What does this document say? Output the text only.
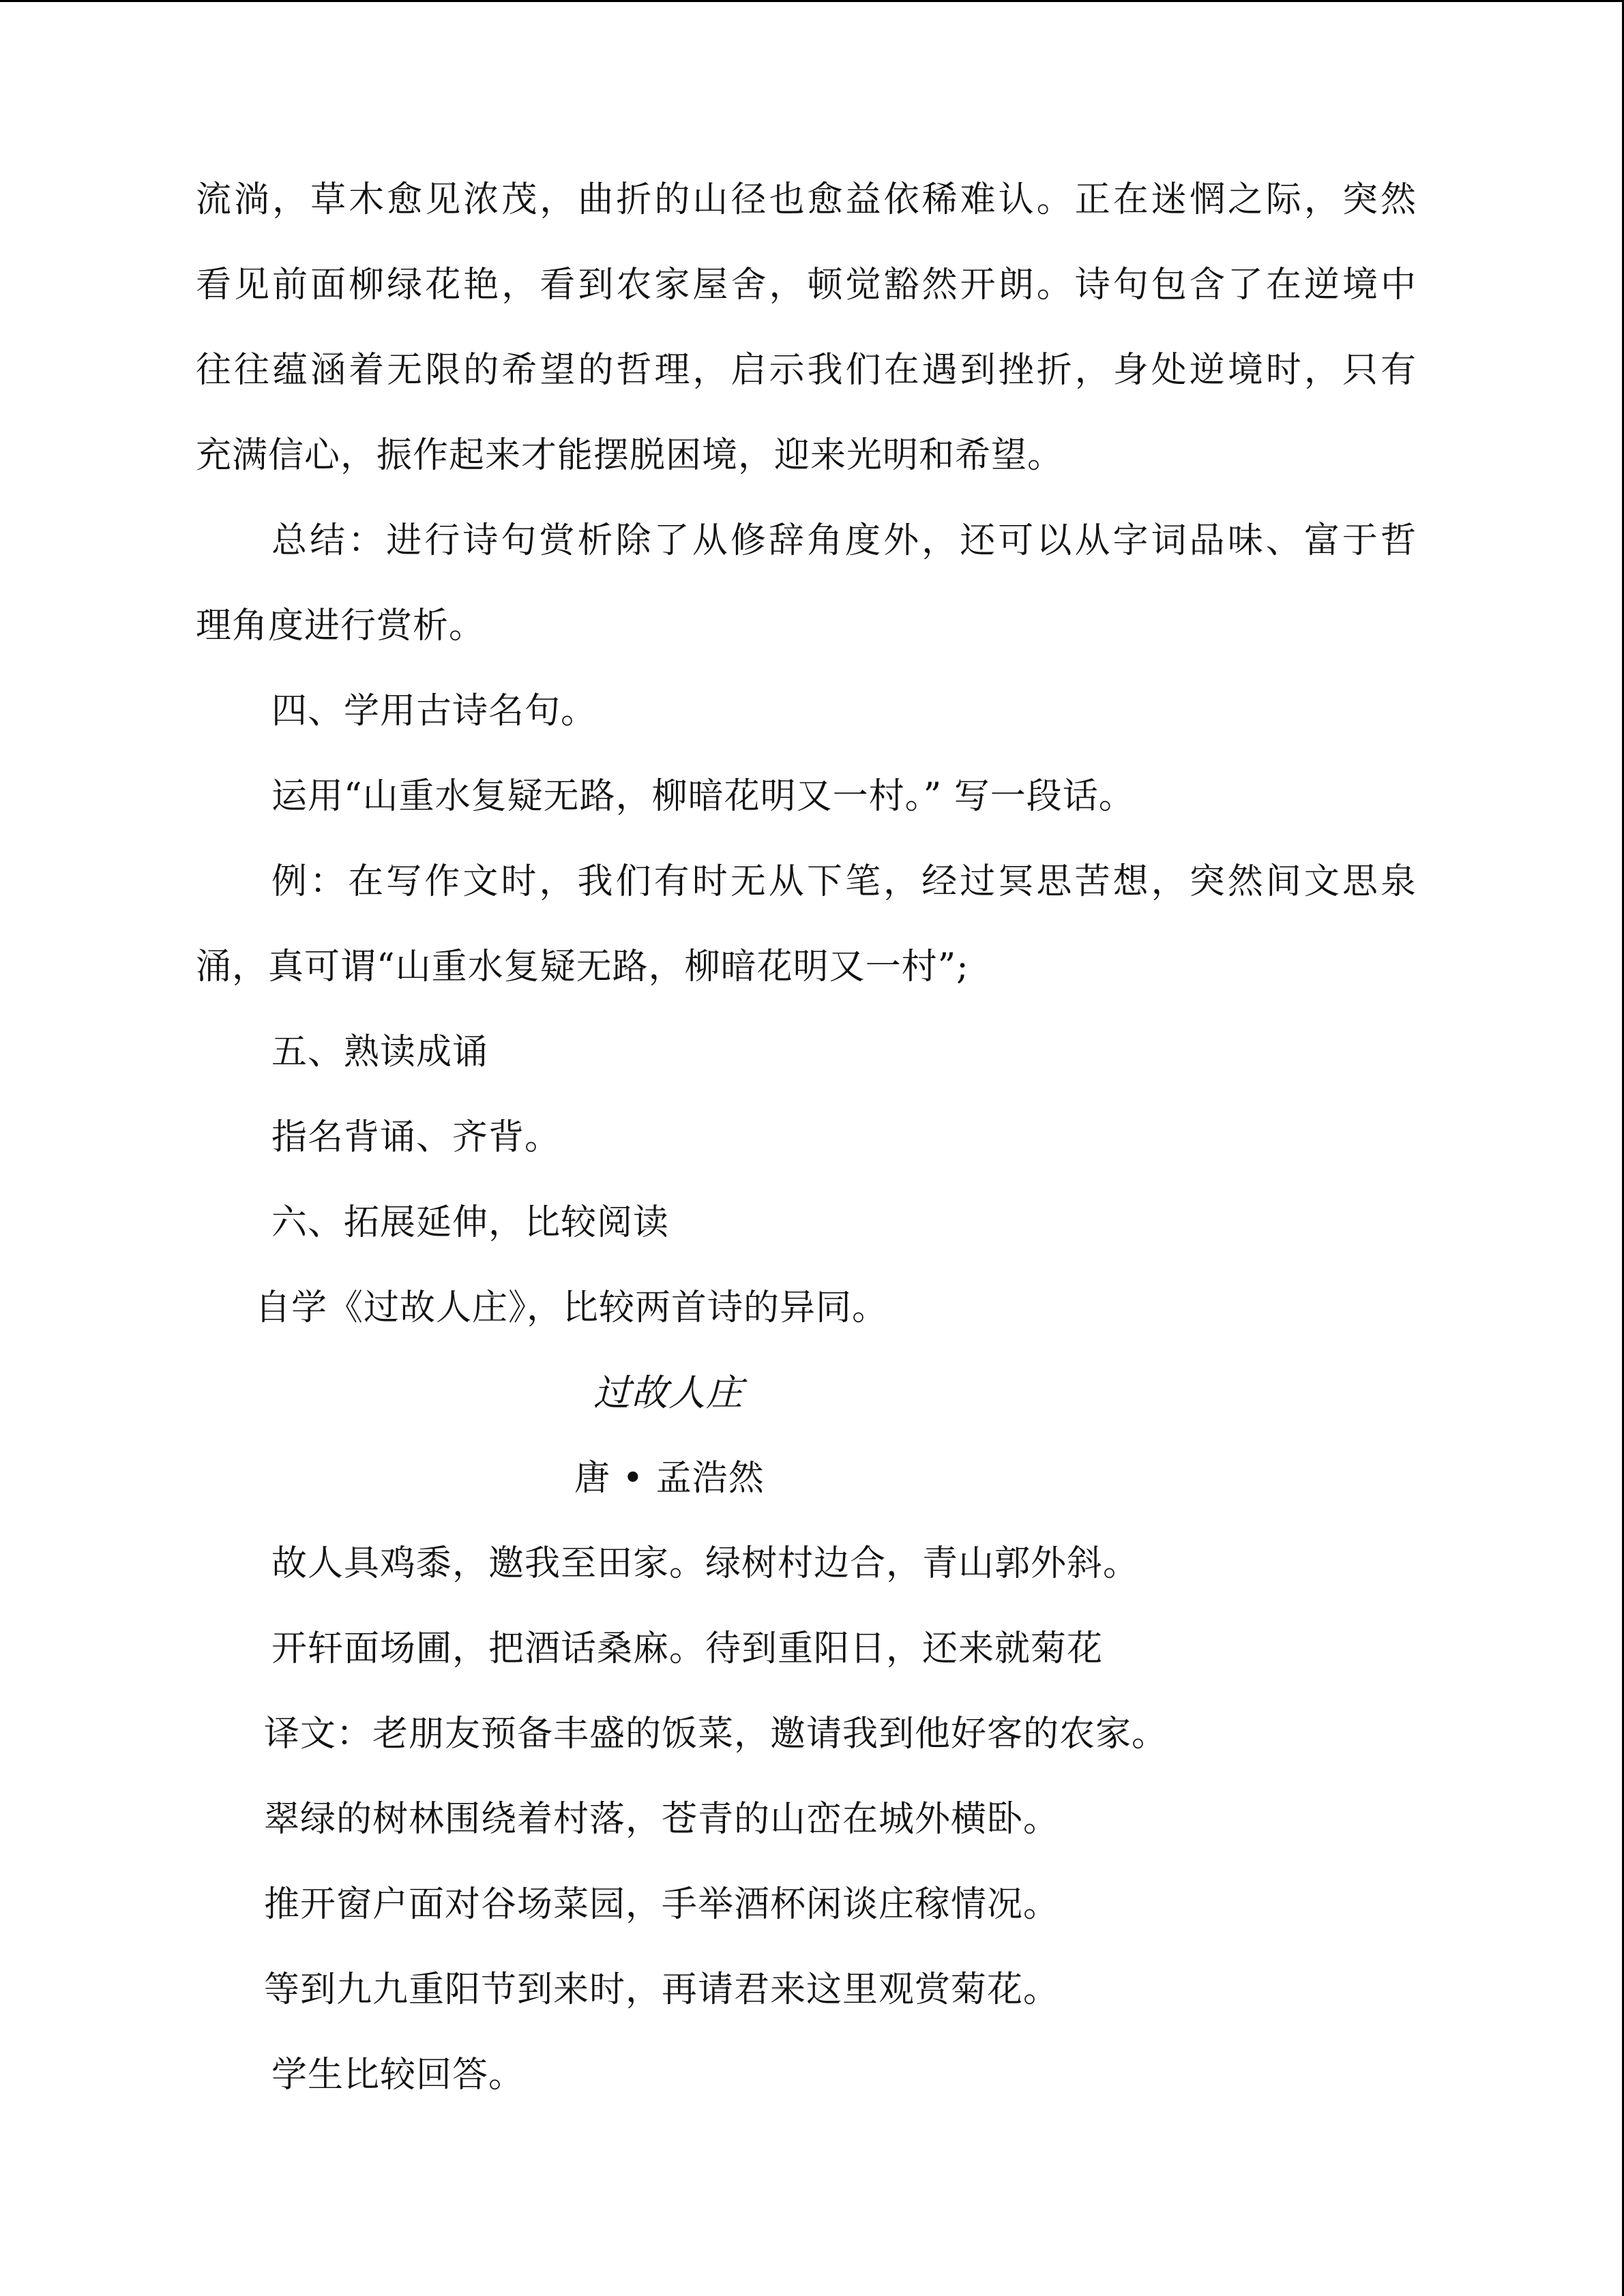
流淌，草木愈见浓茂，曲折的山径也愈益依稀难认。正在迷惘之际，突然
看见前面柳绿花艳，看到农家屋舍，顿觉豁然开朗。诗句包含了在逆境中
往往蕴涵着无限的希望的哲理，启示我们在遇到挫折，身处逆境时，只有
充满信心，振作起来才能摆脱困境，迎来光明和希望。
总结：进行诗句赏析除了从修辞角度外，还可以从字词品味、富于哲
理角度进行赏析。
四、学用古诗名句。
运用“山重水复疑无路，柳暗花明又一村。” 写一段话。
例：在写作文时，我们有时无从下笔，经过冥思苦想，突然间文思泉
涌，真可谓“山重水复疑无路，柳暗花明又一村”;
五、熟读成诵
指名背诵、齐背。
六、拓展延伸，比较阅读
自学《过故人庄》，比较两首诗的异同。
过故人庄
唐 • 孟浩然
故人具鸡黍，邀我至田家。绿树村边合，青山郭外斜。
开轩面场圃，把酒话桑麻。待到重阳日，还来就菊花
译文：老朋友预备丰盛的饭菜，邀请我到他好客的农家。
翠绿的树林围绕着村落，苍青的山峦在城外横卧。
推开窗户面对谷场菜园，手举酒杯闲谈庄稼情况。
等到九九重阳节到来时，再请君来这里观赏菊花。
学生比较回答。
